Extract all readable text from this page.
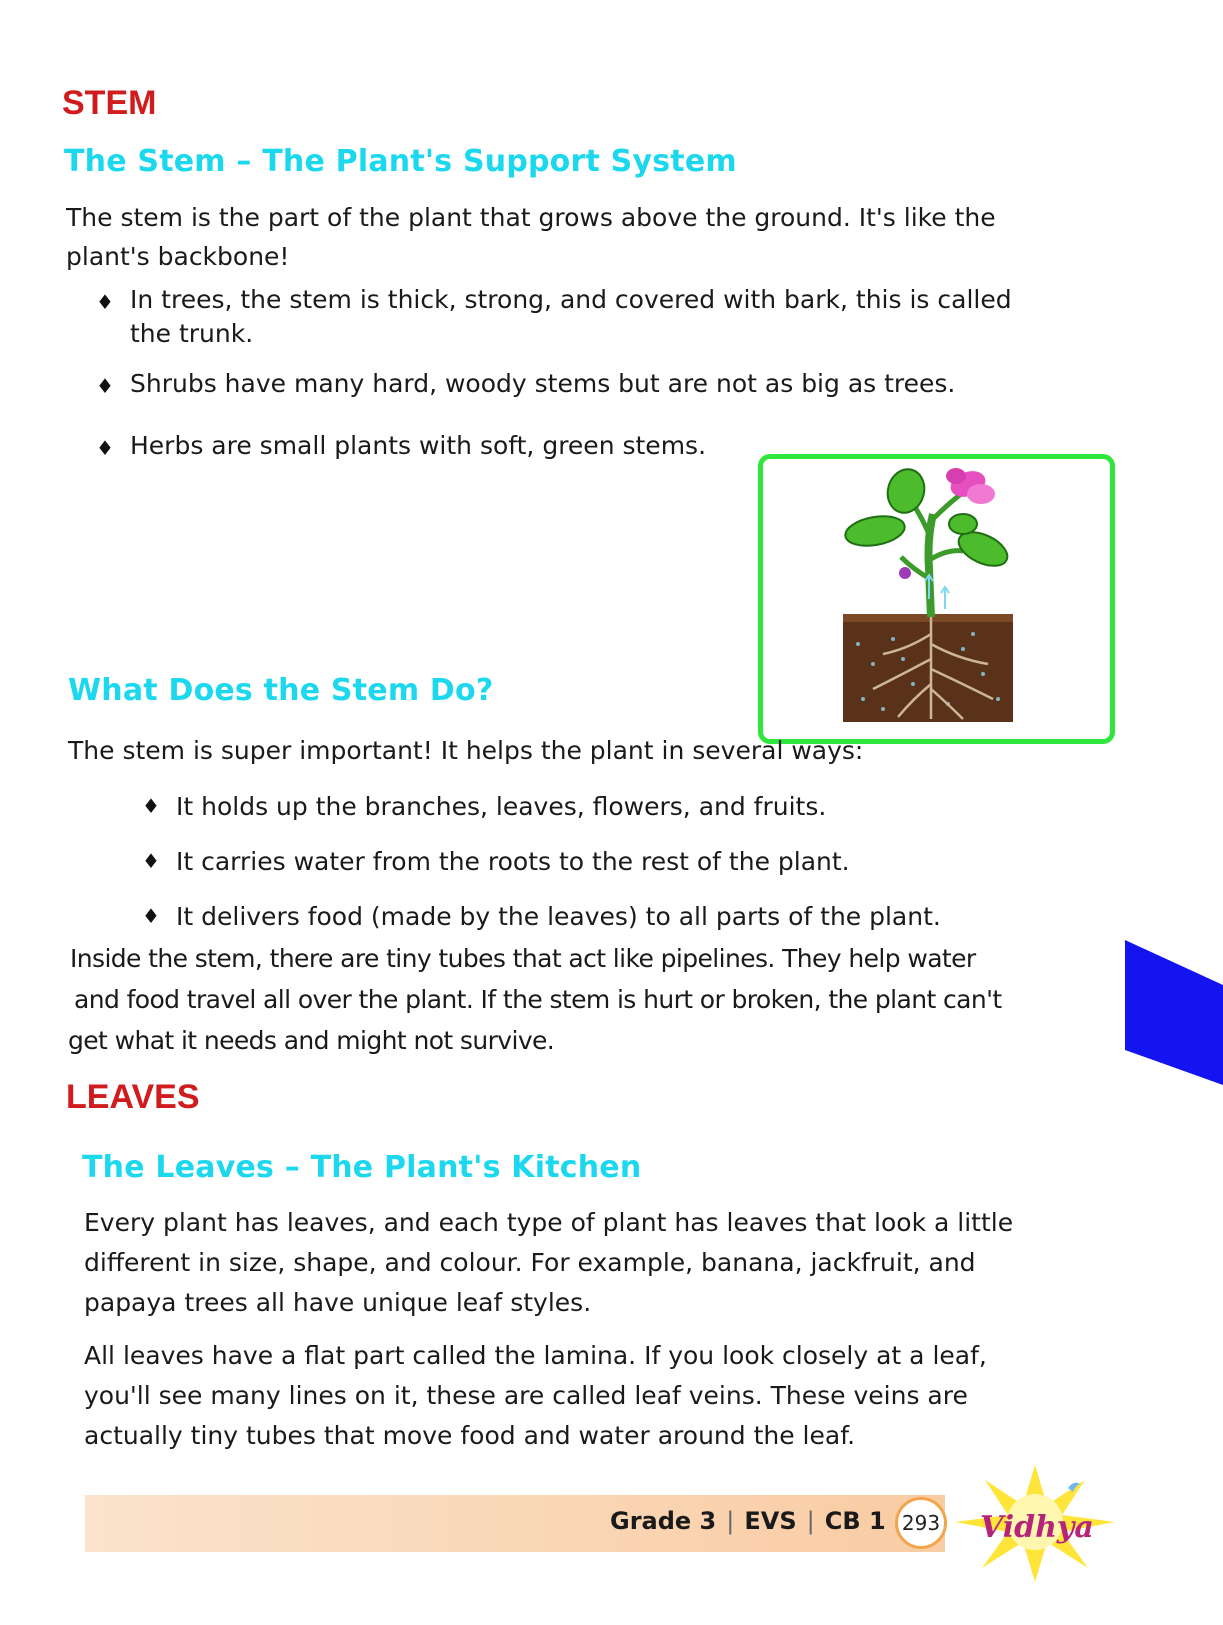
STEM
The Stem – The Plant's Support System

The stem is the part of the plant that grows above the ground. It's like the

plant's backbone!

♦ In trees, the stem is thick, strong, and covered with bark, this is called
the trunk.
♦ Shrubs have many hard, woody stems but are not as big as trees.
♦ Herbs are small plants with soft, green stems.
What Does the Stem Do?

The stem is super important! It helps the plant in several ways:

♦ It holds up the branches, leaves, flowers, and fruits.
♦ It carries water from the roots to the rest of the plant.
♦ It delivers food (made by the leaves) to all parts of the plant.

Inside the stem, there are tiny tubes that act like pipelines. They help water

and food travel all over the plant. If the stem is hurt or broken, the plant can't

get what it needs and might not survive.

LEAVES
The Leaves – The Plant's Kitchen

Every plant has leaves, and each type of plant has leaves that look a little

different in size, shape, and colour. For example, banana, jackfruit, and

papaya trees all have unique leaf styles.

All leaves have a flat part called the lamina. If you look closely at a leaf,

you'll see many lines on it, these are called leaf veins. These veins are

actually tiny tubes that move food and water around the leaf.

Grade 3 | EVS | CB 1 293 Vidhya
